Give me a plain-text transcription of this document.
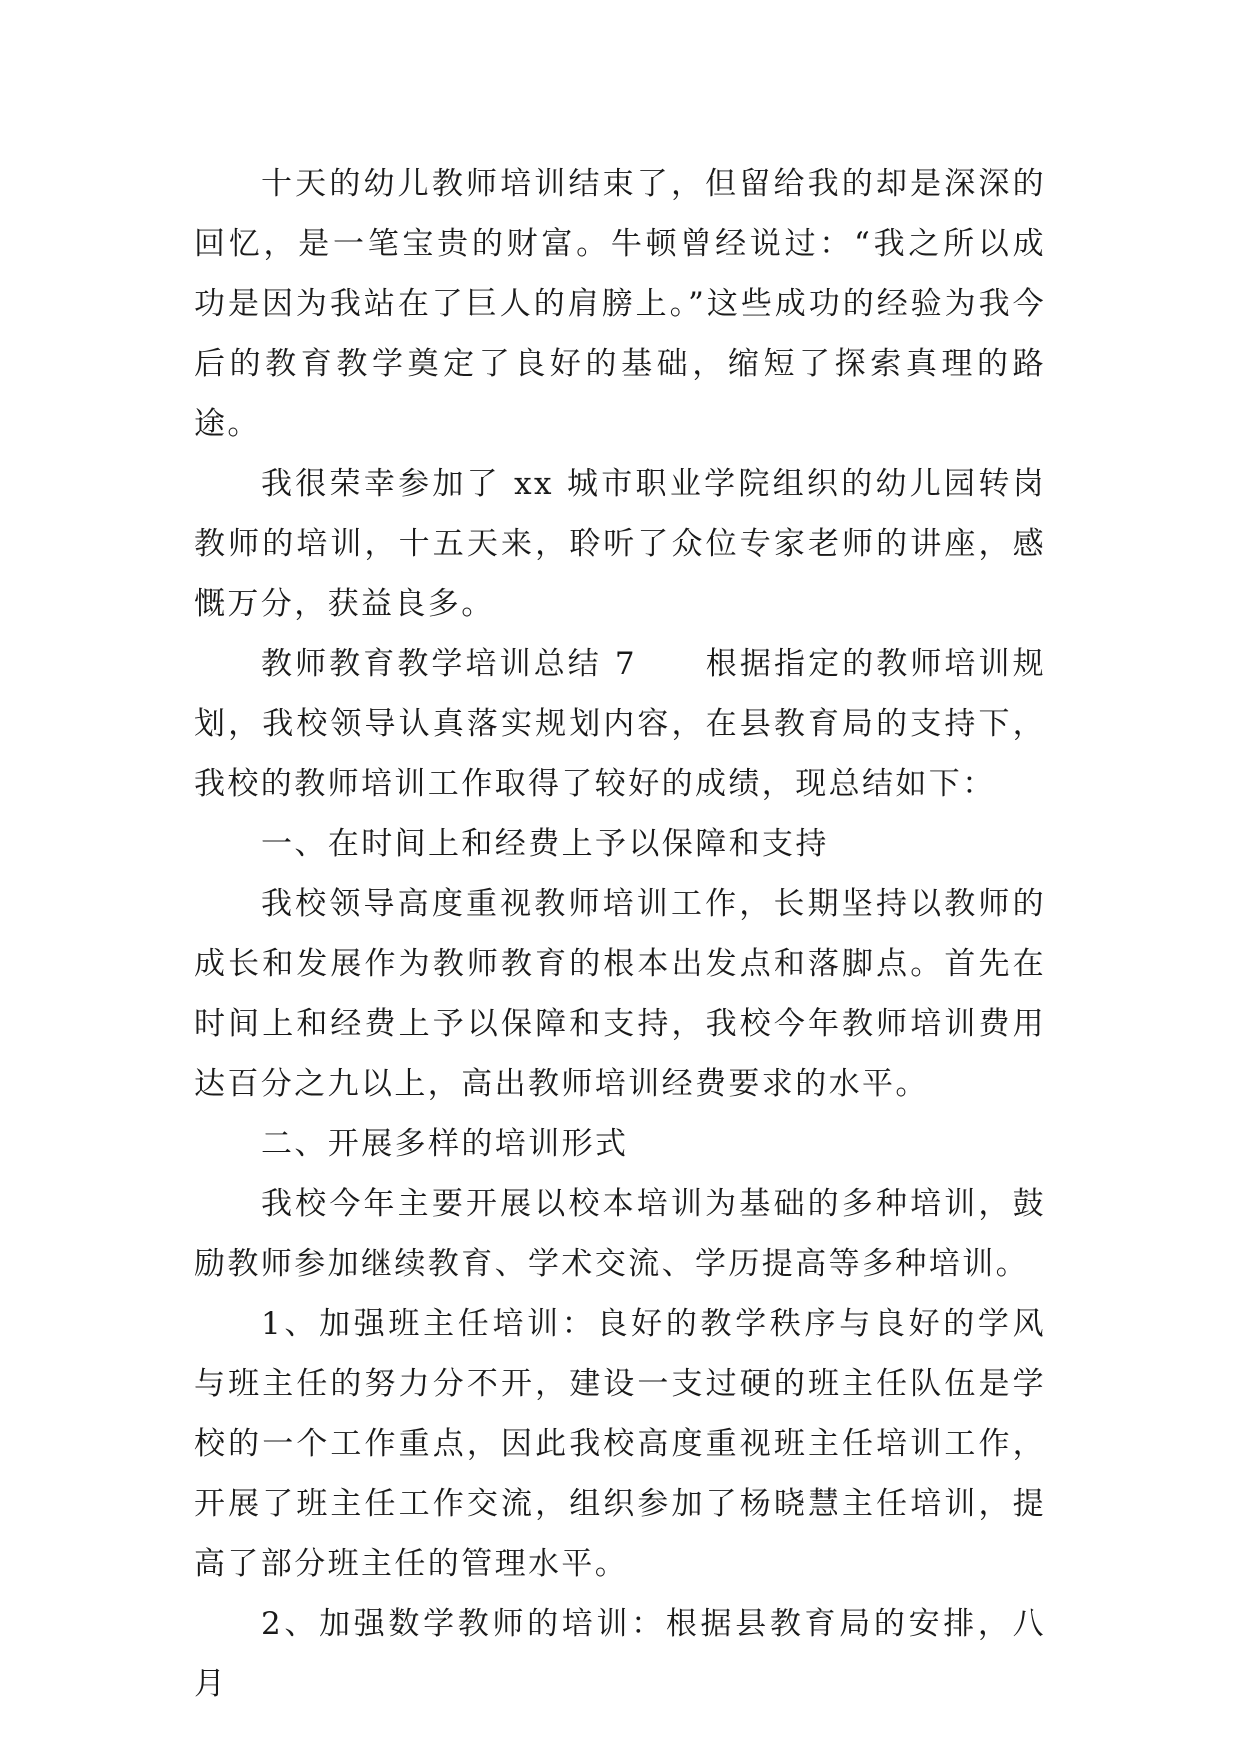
十天的幼儿教师培训结束了，但留给我的却是深深的回忆，是一笔宝贵的财富。牛顿曾经说过：“我之所以成功是因为我站在了巨人的肩膀上。”这些成功的经验为我今后的教育教学奠定了良好的基础，缩短了探索真理的路途。

我很荣幸参加了 xx 城市职业学院组织的幼儿园转岗教师的培训，十五天来，聆听了众位专家老师的讲座，感慨万分，获益良多。

教师教育教学培训总结 7　　根据指定的教师培训规划，我校领导认真落实规划内容，在县教育局的支持下，我校的教师培训工作取得了较好的成绩，现总结如下：

一、在时间上和经费上予以保障和支持

我校领导高度重视教师培训工作，长期坚持以教师的成长和发展作为教师教育的根本出发点和落脚点。首先在时间上和经费上予以保障和支持，我校今年教师培训费用达百分之九以上，高出教师培训经费要求的水平。

二、开展多样的培训形式

我校今年主要开展以校本培训为基础的多种培训，鼓励教师参加继续教育、学术交流、学历提高等多种培训。

1、加强班主任培训：良好的教学秩序与良好的学风与班主任的努力分不开，建设一支过硬的班主任队伍是学校的一个工作重点，因此我校高度重视班主任培训工作，开展了班主任工作交流，组织参加了杨晓慧主任培训，提高了部分班主任的管理水平。

2、加强数学教师的培训：根据县教育局的安排，八月
